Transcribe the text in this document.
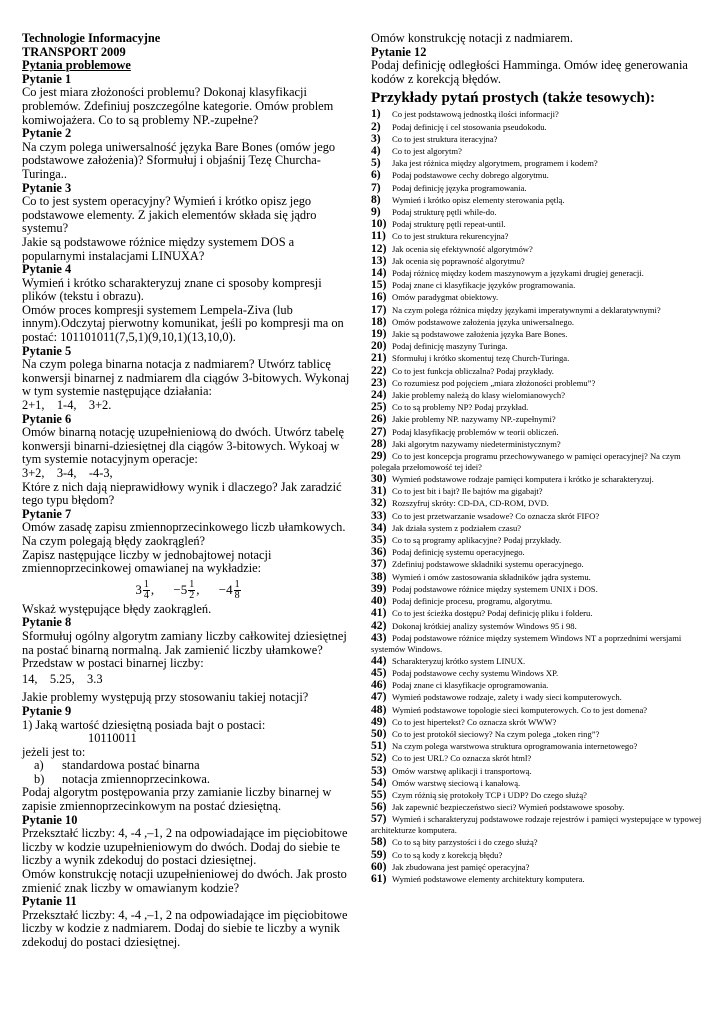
Technologie Informacyjne
TRANSPORT 2009
Pytania problemowe
Pytanie 1

Co jest miara złożoności problemu? Dokonaj klasyfikacji problemów. Zdefiniuj poszczególne kategorie. Omów problem komiwojażera. Co to są problemy NP.-zupełne?

Pytanie 2

Na czym polega uniwersalność języka Bare Bones (omów jego podstawowe założenia)? Sformułuj i objaśnij Tezę Churcha-Turinga..

Pytanie 3

Co to jest system operacyjny? Wymień i krótko opisz jego podstawowe elementy. Z jakich elementów składa się jądro systemu?

Jakie są podstawowe różnice między systemem DOS a popularnymi instalacjami LINUXA?

Pytanie 4

Wymień i krótko scharakteryzuj znane ci sposoby kompresji plików (tekstu i obrazu).

Omów proces kompresji systemem Lempela-Ziva (lub innym).Odczytaj pierwotny komunikat, jeśli po kompresji ma on postać: 101101011(7,5,1)(9,10,1)(13,10,0).

Pytanie 5

Na czym polega binarna notacja z nadmiarem? Utwórz tablicę konwersji binarnej z nadmiarem dla ciągów 3-bitowych. Wykonaj w tym systemie następujące działania:

2+1,    1-4,    3+2.

Pytanie 6

Omów binarną notację uzupełnieniową do dwóch. Utwórz tabelę konwersji binarni-dziesiętnej dla ciągów 3-bitowych. Wykoaj w tym systemie notacyjnym operacje:

3+2,    3-4,    -4-3,

Które z nich dają nieprawidłowy wynik i dlaczego? Jak zaradzić tego typu błędom?

Pytanie 7

Omów zasadę zapisu zmiennoprzecinkowego liczb ułamkowych. Na czym polegają błędy zaokrągleń?

Zapisz następujące liczby w jednobajtowej notacji zmiennoprzecinkowej omawianej na wykładzie:

$3 \frac{1}{4}$ ,
$-5 \frac{1}{2}$ ,
$-4 \frac{1}{8}$

Wskaż występujące błędy zaokrągleń.

Pytanie 8

Sformułuj ogólny algorytm zamiany liczby całkowitej dziesiętnej na postać binarną normalną. Jak zamienić liczby ułamkowe? Przedstaw w postaci binarnej liczby:

14,    5.25,    3.3

Jakie problemy występują przy stosowaniu takiej notacji?

Pytanie 9

1) Jaką wartość dziesiętną posiada bajt o postaci:

10110011

jeżeli jest to:

a)	standardowa postać binarna
b)	notacja zmiennoprzecinkowa.

Podaj algorytm postępowania przy zamianie liczby binarnej w zapisie zmiennoprzecinkowym na postać dziesiętną.

Pytanie 10

Przekształć liczby: 4, -4 ,–1, 2 na odpowiadające im pięciobitowe liczby w kodzie uzupełnieniowym do dwóch. Dodaj do siebie te liczby a wynik zdekoduj do postaci dziesiętnej.

Omów konstrukcję notacji uzupełnieniowej do dwóch. Jak prosto zmienić znak liczby w omawianym kodzie?

Pytanie 11

Przekształć liczby: 4, -4 ,–1, 2 na odpowiadające im pięciobitowe liczby w kodzie z nadmiarem. Dodaj do siebie te liczby a wynik zdekoduj do postaci dziesiętnej.

Omów konstrukcję notacji z nadmiarem.

Pytanie 12

Podaj definicję odległości Hamminga. Omów ideę generowania kodów z korekcją błędów.

Przykłady pytań prostych (także tesowych):
1) Co jest podstawową jednostką ilości informacji?
2) Podaj definicję i cel stosowania pseudokodu.
3) Co to jest struktura iteracyjna?
4) Co to jest algorytm?
5) Jaka jest różnica między algorytmem, programem i kodem?
6) Podaj podstawowe cechy dobrego algorytmu.
7) Podaj definicję języka programowania.
8) Wymień i krótko opisz elementy sterowania pętlą.
9) Podaj strukturę pętli while-do.
10) Podaj strukturę pętli repeat-until.
11) Co to jest struktura rekurencyjna?
12) Jak ocenia się efektywność algorytmów?
13) Jak ocenia się poprawność algorytmu?
14) Podaj różnicę między kodem maszynowym a językami drugiej generacji.
15) Podaj znane ci klasyfikacje języków programowania.
16) Omów paradygmat obiektowy.
17) Na czym polega różnica między językami imperatywnymi a deklaratywnymi?
18) Omów podstawowe założenia języka uniwersalnego.
19) Jakie są podstawowe założenia języka Bare Bones.
20) Podaj definicję maszyny Turinga.
21) Sformułuj i krótko skomentuj tezę Church-Turinga.
22) Co to jest funkcja obliczalna? Podaj przykłady.
23) Co rozumiesz pod pojęciem „miara złożoności problemu”?
24) Jakie problemy należą do klasy wielomianowych?
25) Co to są problemy NP? Podaj przykład.
26) Jakie problemy NP. nazywamy NP.-zupełnymi?
27) Podaj klasyfikację problemów w teorii obliczeń.
28) Jaki algorytm nazywamy niedeterministycznym?
29) Co to jest koncepcja programu przechowywanego w pamięci operacyjnej? Na czym polegała przełomowość tej idei?
30) Wymień podstawowe rodzaje pamięci komputera i krótko je scharakteryzuj.
31) Co to jest bit i bajt? Ile bajtów ma gigabajt?
32) Rozszyfruj skróty: CD-DA, CD-ROM, DVD.
33) Co to jest przetwarzanie wsadowe? Co oznacza skrót FIFO?
34) Jak działa system z podziałem czasu?
35) Co to są programy aplikacyjne? Podaj przykłady.
36) Podaj definicję systemu operacyjnego.
37) Zdefiniuj podstawowe składniki systemu operacyjnego.
38) Wymień i omów zastosowania składników jądra systemu.
39) Podaj podstawowe różnice między systemem UNIX i DOS.
40) Podaj definicje procesu, programu, algorytmu.
41) Co to jest ścieżka dostępu? Podaj definicję pliku i folderu.
42) Dokonaj krótkiej analizy systemów Windows 95 i 98.
43) Podaj podstawowe różnice między systemem Windows NT a poprzednimi wersjami systemów Windows.
44) Scharakteryzuj krótko system LINUX.
45) Podaj podstawowe cechy systemu Windows XP.
46) Podaj znane ci klasyfikacje oprogramowania.
47) Wymień podstawowe rodzaje, zalety i wady sieci komputerowych.
48) Wymień podstawowe topologie sieci komputerowych. Co to jest domena?
49) Co to jest hipertekst? Co oznacza skrót WWW?
50) Co to jest protokół sieciowy? Na czym polega „token ring”?
51) Na czym polega warstwowa struktura oprogramowania internetowego?
52) Co to jest URL? Co oznacza skrót html?
53) Omów warstwę aplikacji i transportową.
54) Omów warstwę sieciową i kanałową.
55) Czym różnią się protokoły TCP i UDP? Do czego służą?
56) Jak zapewnić bezpieczeństwo sieci? Wymień podstawowe sposoby.
57) Wymień i scharakteryzuj podstawowe rodzaje rejestrów i pamięci wystepujące w typowej architekturze komputera.
58) Co to są bity parzystości i do czego służą?
59) Co to są kody z korekcją błędu?
60) Jak zbudowana jest pamięć operacyjna?
61) Wymień podstawowe elementy architektury komputera.
